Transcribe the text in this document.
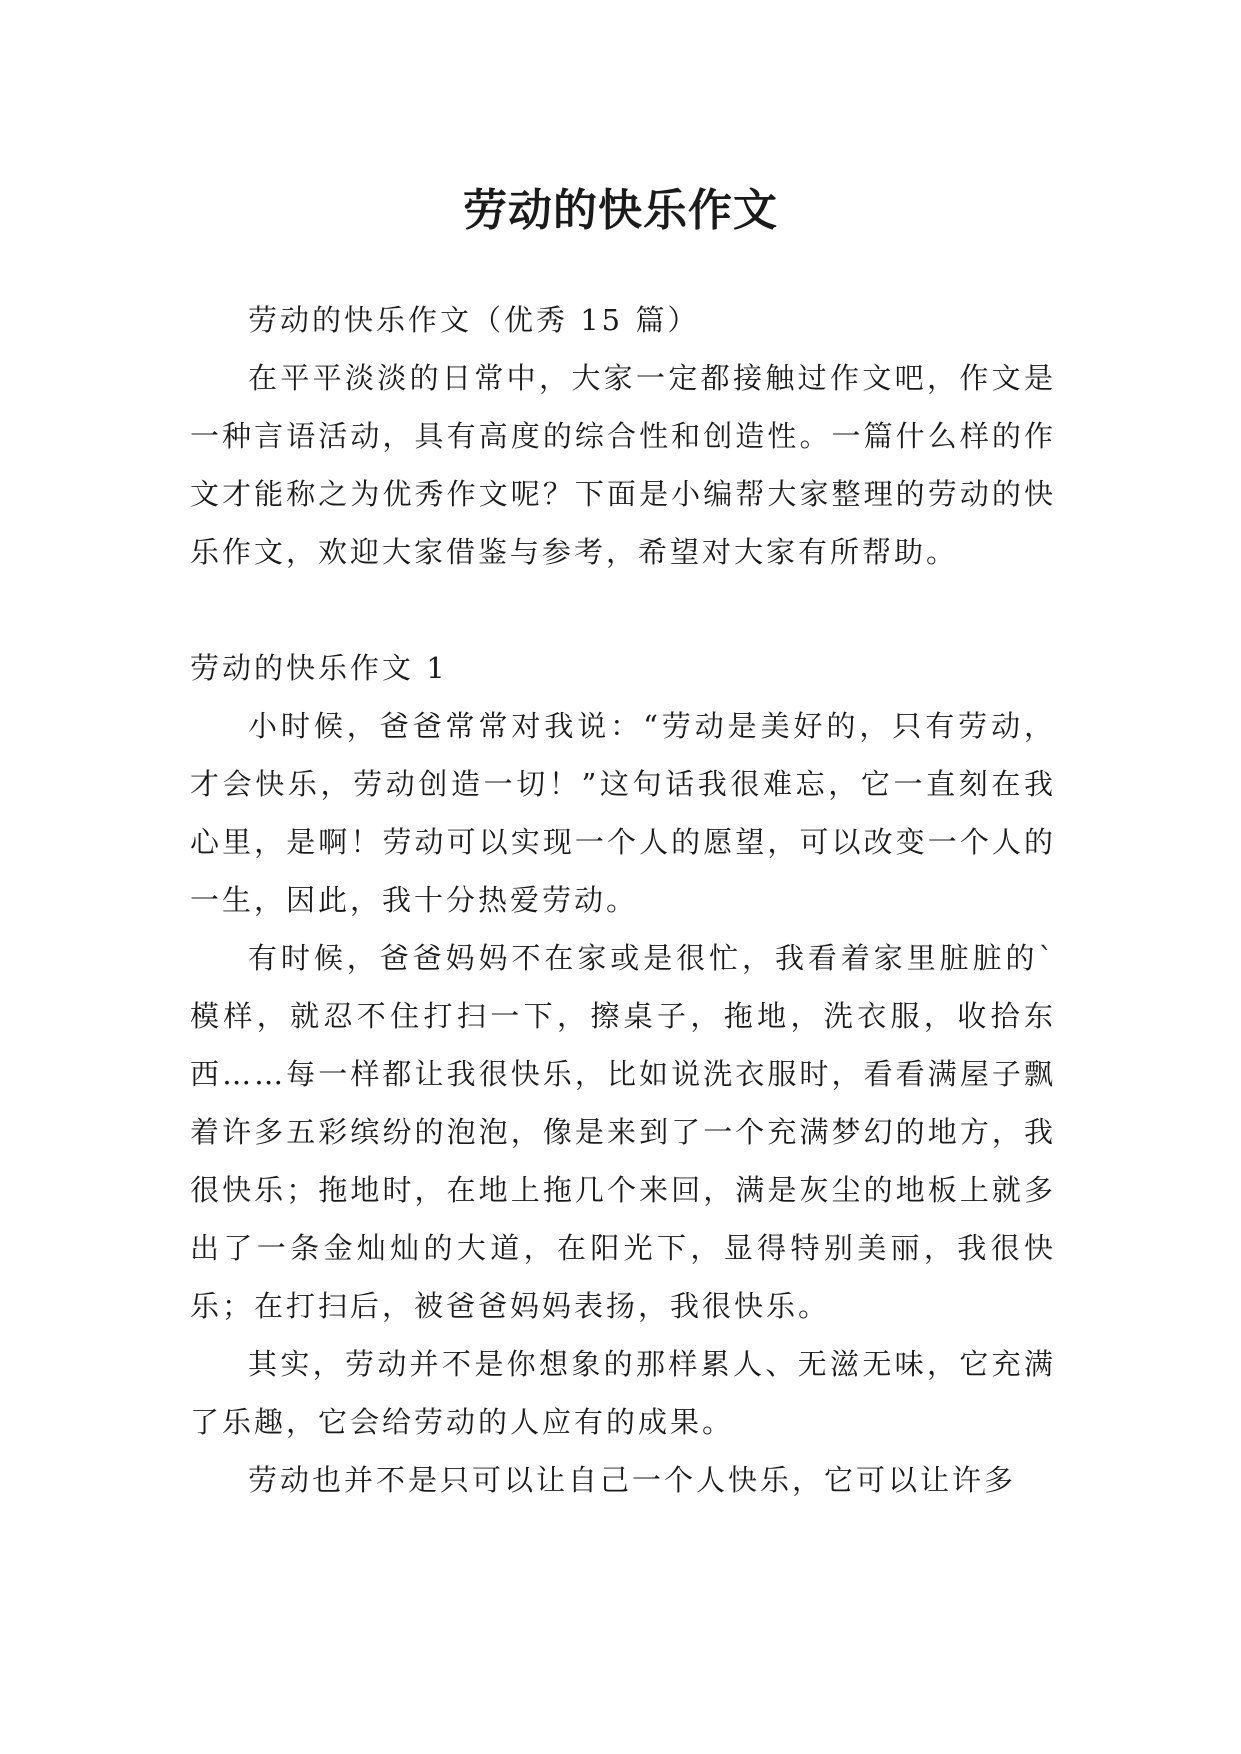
劳动的快乐作文

劳动的快乐作文（优秀 15 篇）

在平平淡淡的日常中，大家一定都接触过作文吧，作文是一种言语活动，具有高度的综合性和创造性。一篇什么样的作文才能称之为优秀作文呢？下面是小编帮大家整理的劳动的快乐作文，欢迎大家借鉴与参考，希望对大家有所帮助。

劳动的快乐作文 1

小时候，爸爸常常对我说：“劳动是美好的，只有劳动，才会快乐，劳动创造一切！”这句话我很难忘，它一直刻在我心里，是啊！劳动可以实现一个人的愿望，可以改变一个人的一生，因此，我十分热爱劳动。

有时候，爸爸妈妈不在家或是很忙，我看着家里脏脏的`模样，就忍不住打扫一下，擦桌子，拖地，洗衣服，收拾东西……每一样都让我很快乐，比如说洗衣服时，看看满屋子飘着许多五彩缤纷的泡泡，像是来到了一个充满梦幻的地方，我很快乐；拖地时，在地上拖几个来回，满是灰尘的地板上就多出了一条金灿灿的大道，在阳光下，显得特别美丽，我很快乐；在打扫后，被爸爸妈妈表扬，我很快乐。

其实，劳动并不是你想象的那样累人、无滋无味，它充满了乐趣，它会给劳动的人应有的成果。

劳动也并不是只可以让自己一个人快乐，它可以让许多
